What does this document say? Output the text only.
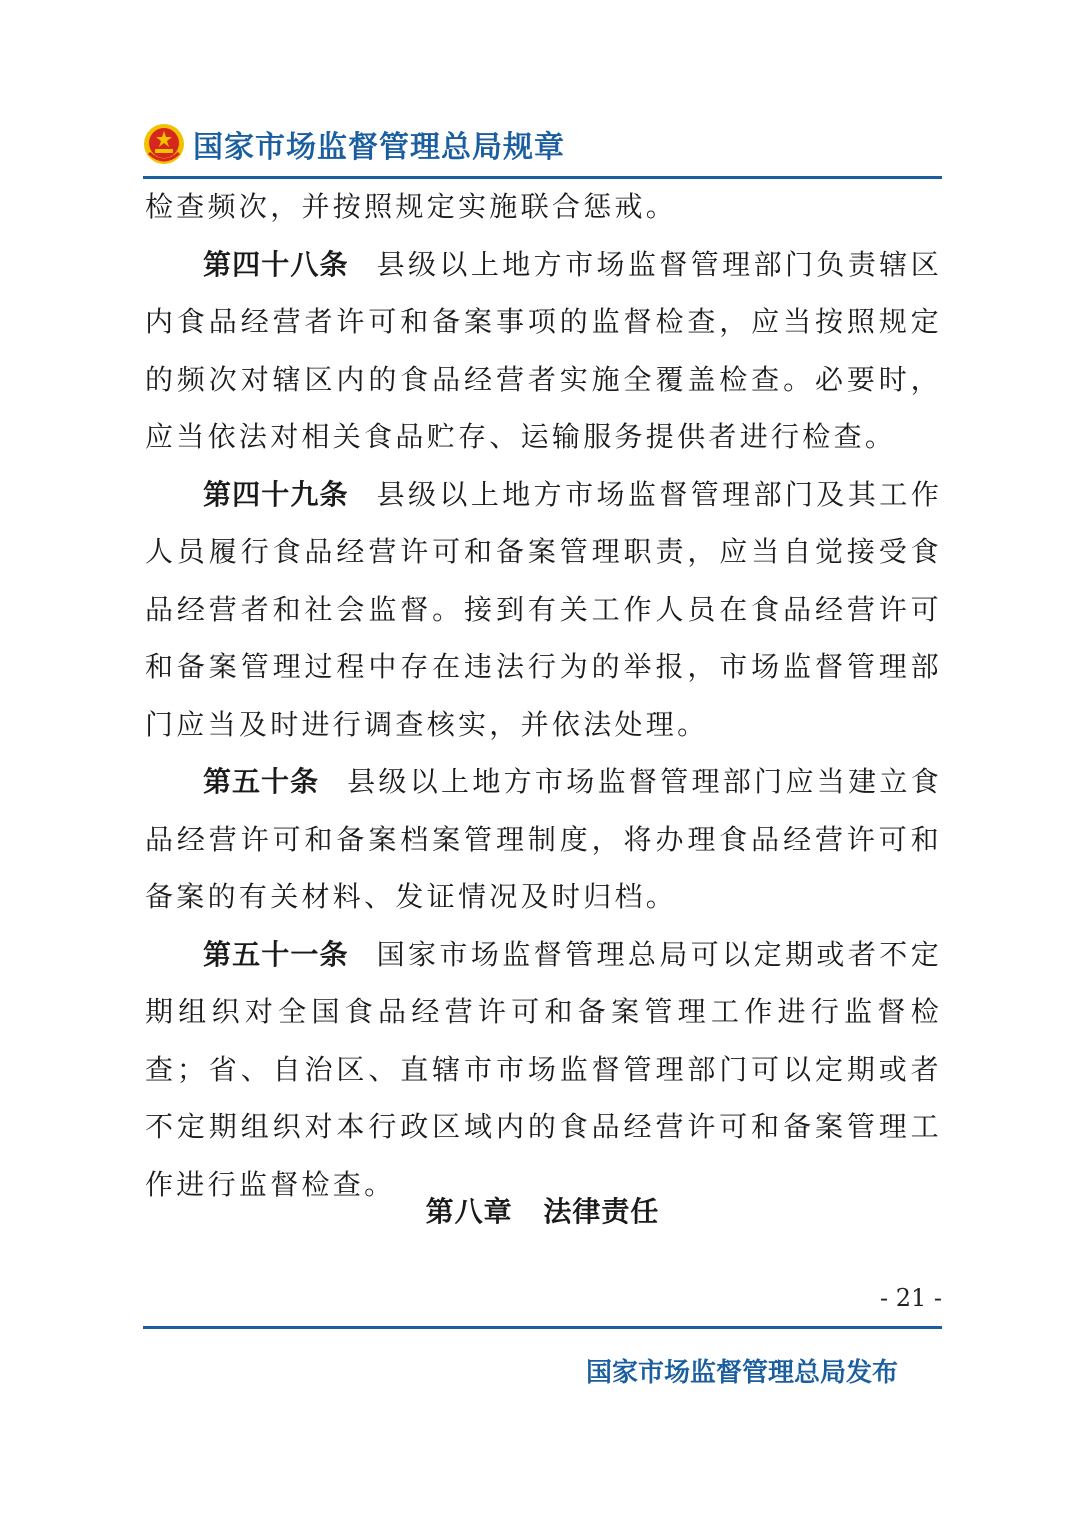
国家市场监督管理总局规章

检查频次，并按照规定实施联合惩戒。

第四十八条 县级以上地方市场监督管理部门负责辖区内食品经营者许可和备案事项的监督检查，应当按照规定的频次对辖区内的食品经营者实施全覆盖检查。必要时，应当依法对相关食品贮存、运输服务提供者进行检查。

第四十九条 县级以上地方市场监督管理部门及其工作人员履行食品经营许可和备案管理职责，应当自觉接受食品经营者和社会监督。接到有关工作人员在食品经营许可和备案管理过程中存在违法行为的举报，市场监督管理部门应当及时进行调查核实，并依法处理。

第五十条 县级以上地方市场监督管理部门应当建立食品经营许可和备案档案管理制度，将办理食品经营许可和备案的有关材料、发证情况及时归档。

第五十一条 国家市场监督管理总局可以定期或者不定期组织对全国食品经营许可和备案管理工作进行监督检查；省、自治区、直辖市市场监督管理部门可以定期或者不定期组织对本行政区域内的食品经营许可和备案管理工作进行监督检查。

第八章 法律责任
- 21 -
国家市场监督管理总局发布
